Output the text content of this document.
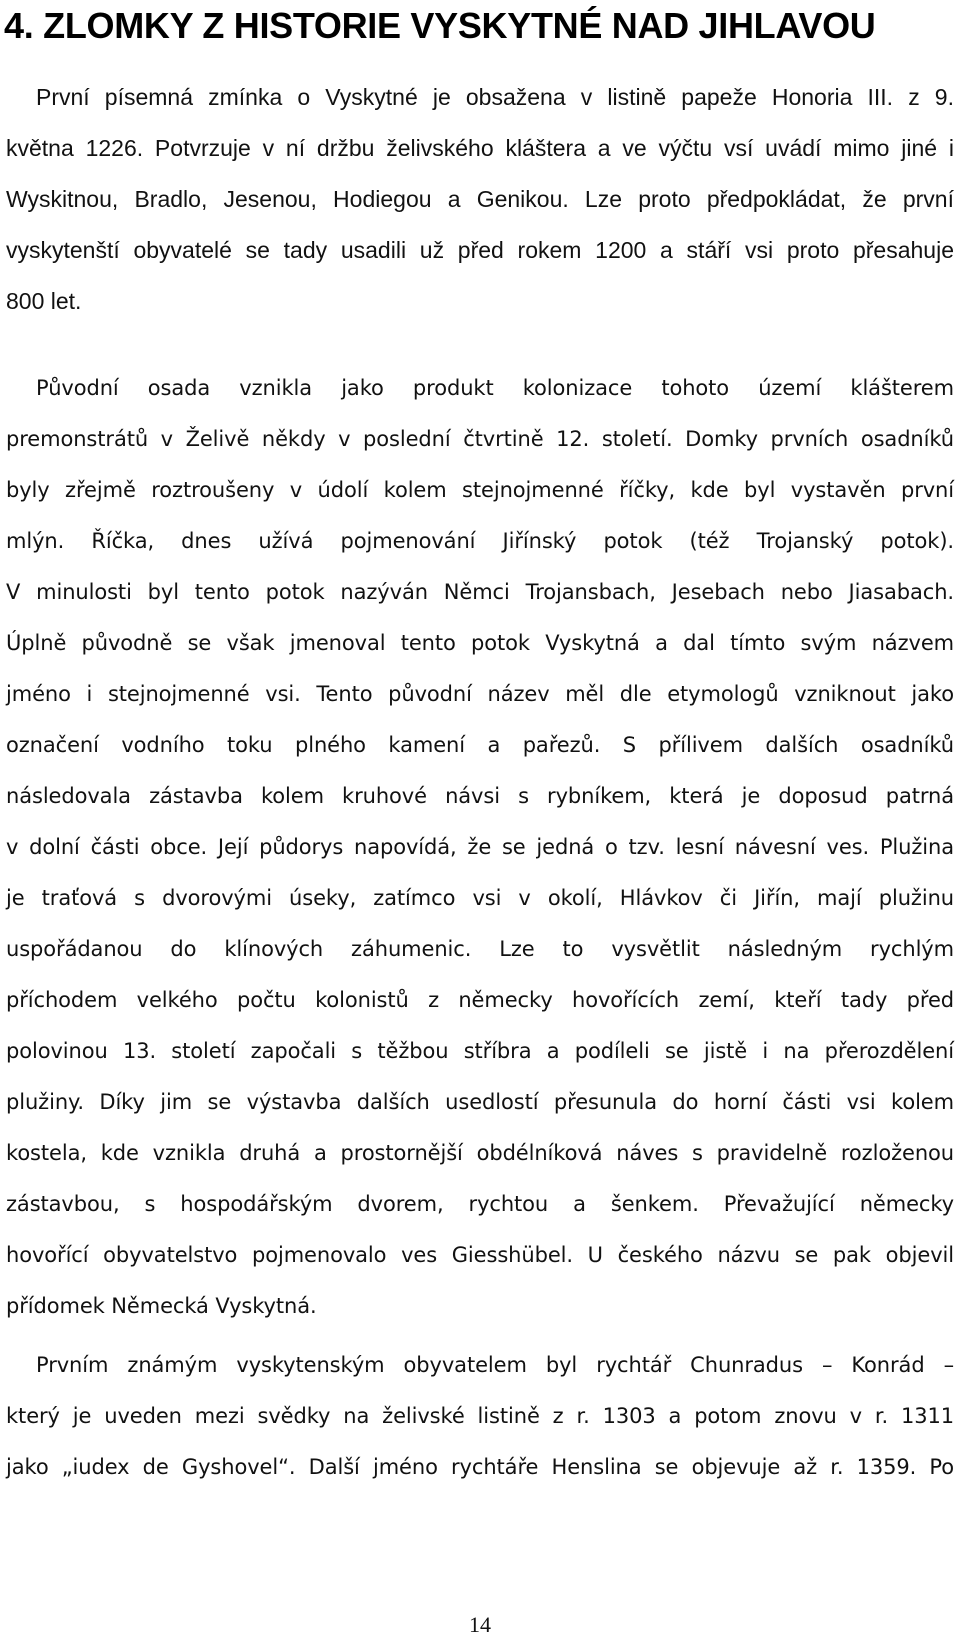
4. ZLOMKY Z HISTORIE VYSKYTNÉ NAD JIHLAVOU
První písemná zmínka o Vyskytné je obsažena v listině papeže Honoria III. z 9.
května 1226. Potvrzuje v ní držbu želivského kláštera a ve výčtu vsí uvádí mimo jiné i
Wyskitnou, Bradlo, Jesenou, Hodiegou a Genikou. Lze proto předpokládat, že první
vyskytenští obyvatelé se tady usadili už před rokem 1200 a stáří vsi proto přesahuje
800 let.
Původní osada vznikla jako produkt kolonizace tohoto území klášterem
premonstrátů v Želivě někdy v poslední čtvrtině 12. století. Domky prvních osadníků
byly zřejmě roztroušeny v údolí kolem stejnojmenné říčky, kde byl vystavěn první
mlýn. Říčka, dnes užívá pojmenování Jiřínský potok (též Trojanský potok).
V minulosti byl tento potok nazýván Němci Trojansbach, Jesebach nebo Jiasabach.
Úplně původně se však jmenoval tento potok Vyskytná a dal tímto svým názvem
jméno i stejnojmenné vsi. Tento původní název měl dle etymologů vzniknout jako
označení vodního toku plného kamení a pařezů. S přílivem dalších osadníků
následovala zástavba kolem kruhové návsi s rybníkem, která je doposud patrná
v dolní části obce. Její půdorys napovídá, že se jedná o tzv. lesní návesní ves. Plužina
je traťová s dvorovými úseky, zatímco vsi v okolí, Hlávkov či Jiřín, mají plužinu
uspořádanou do klínových záhumenic. Lze to vysvětlit následným rychlým
příchodem velkého počtu kolonistů z německy hovořících zemí, kteří tady před
polovinou 13. století započali s těžbou stříbra a podíleli se jistě i na přerozdělení
plužiny. Díky jim se výstavba dalších usedlostí přesunula do horní části vsi kolem
kostela, kde vznikla druhá a prostornější obdélníková náves s pravidelně rozloženou
zástavbou, s hospodářským dvorem, rychtou a šenkem. Převažující německy
hovořící obyvatelstvo pojmenovalo ves Giesshübel. U českého názvu se pak objevil
přídomek Německá Vyskytná.
Prvním známým vyskytenským obyvatelem byl rychtář Chunradus – Konrád –
který je uveden mezi svědky na želivské listině z r. 1303 a potom znovu v r. 1311
jako „iudex de Gyshovel“. Další jméno rychtáře Henslina se objevuje až r. 1359. Po
14
